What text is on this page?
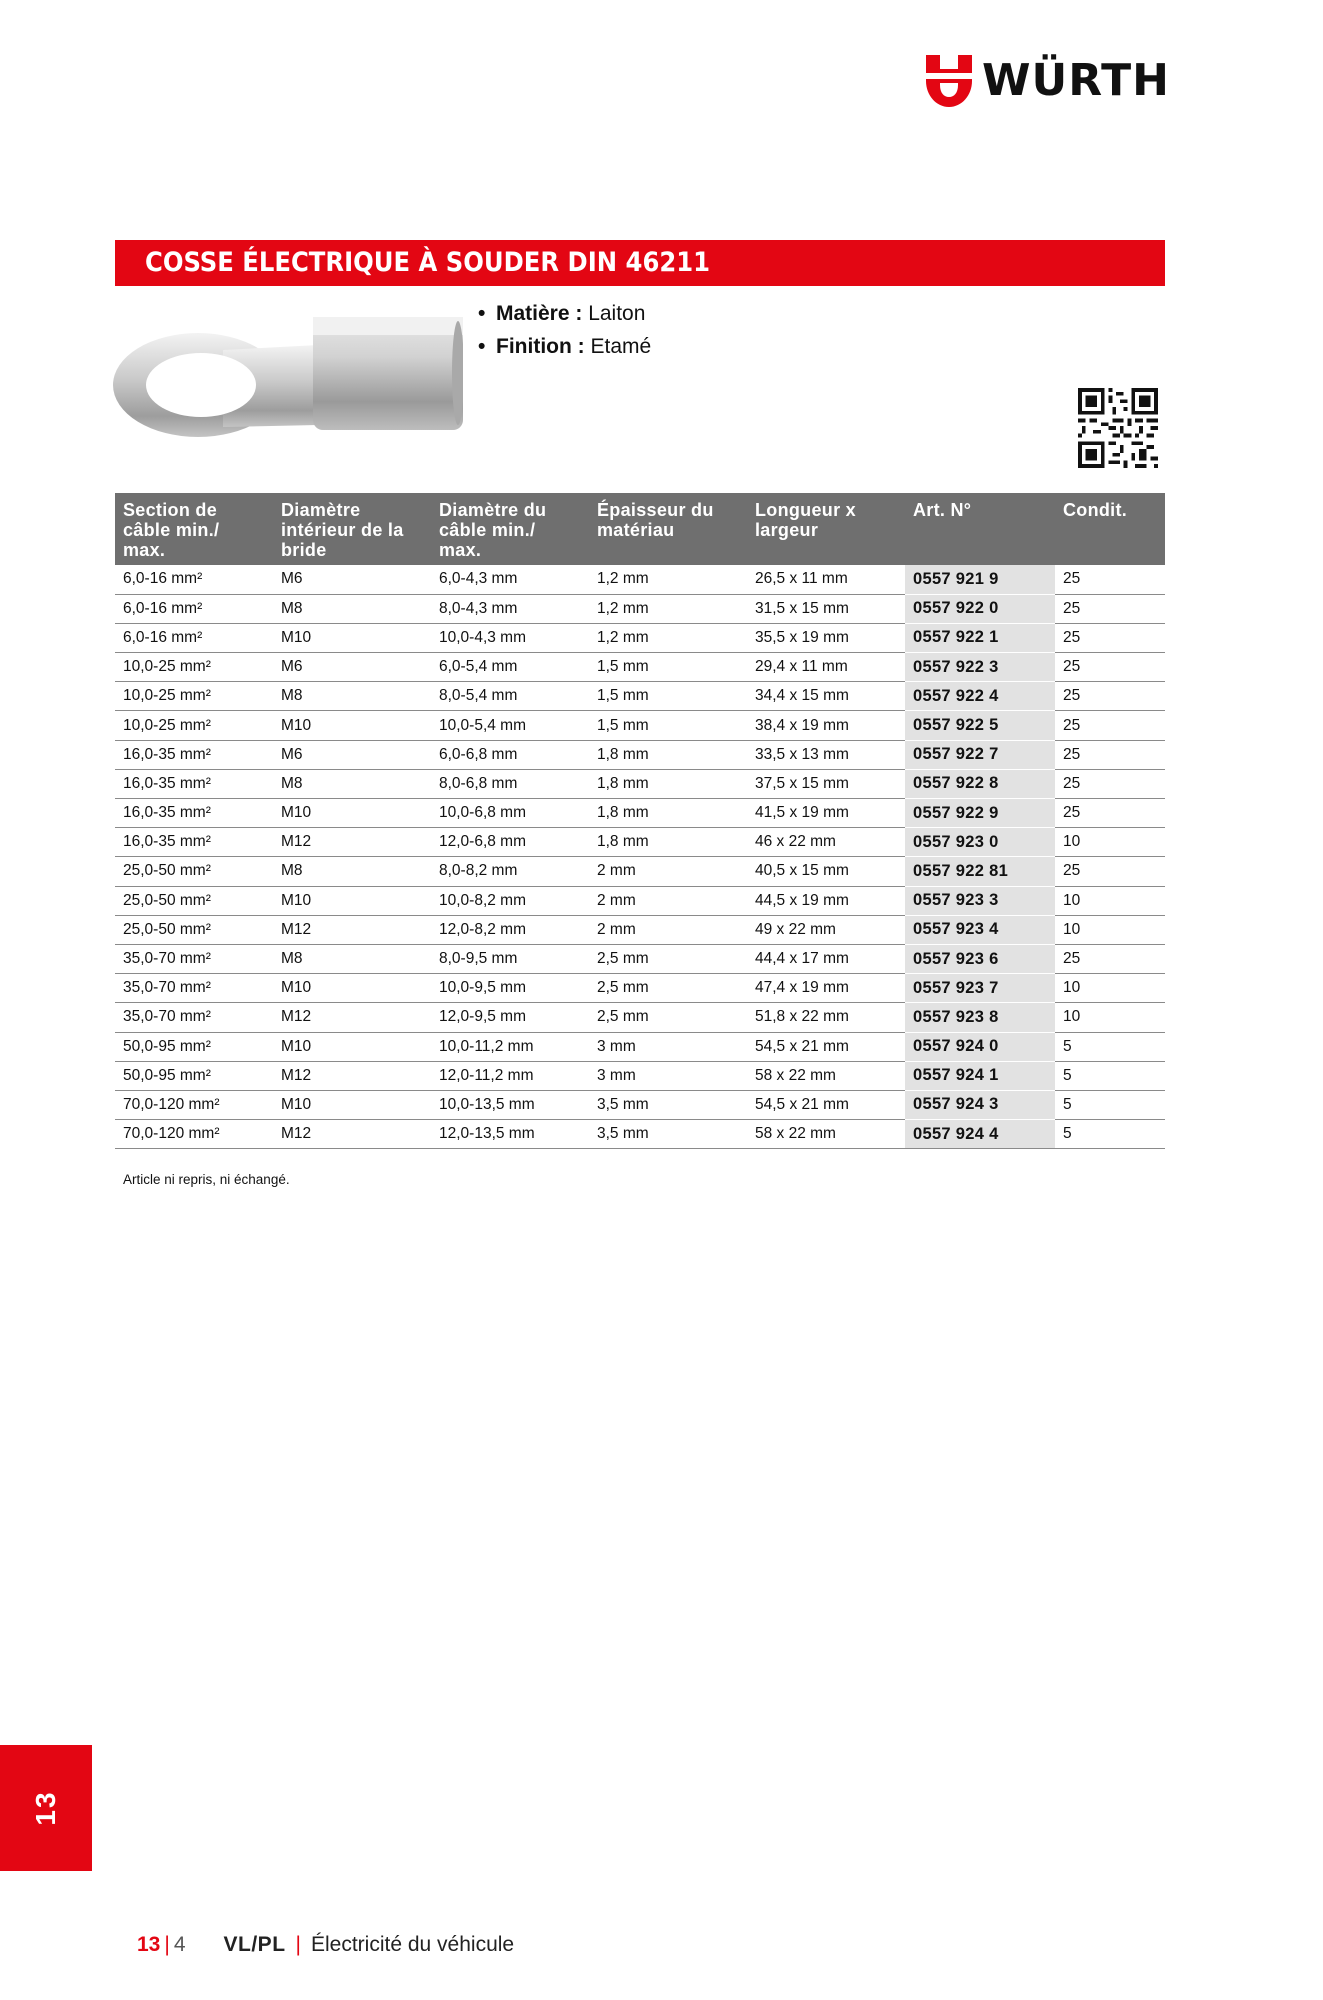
WÜRTH
COSSE ÉLECTRIQUE À SOUDER DIN 46211
• Matière : Laiton
• Finition : Etamé
Section de câble min./ max.	Diamètre intérieur de la bride	Diamètre du câble min./ max.	Épaisseur du matériau	Longueur x largeur	Art. N°	Condit.
6,0-16 mm²	M6	6,0-4,3 mm	1,2 mm	26,5 x 11 mm	0557 921 9	25
6,0-16 mm²	M8	8,0-4,3 mm	1,2 mm	31,5 x 15 mm	0557 922 0	25
6,0-16 mm²	M10	10,0-4,3 mm	1,2 mm	35,5 x 19 mm	0557 922 1	25
10,0-25 mm²	M6	6,0-5,4 mm	1,5 mm	29,4 x 11 mm	0557 922 3	25
10,0-25 mm²	M8	8,0-5,4 mm	1,5 mm	34,4 x 15 mm	0557 922 4	25
10,0-25 mm²	M10	10,0-5,4 mm	1,5 mm	38,4 x 19 mm	0557 922 5	25
16,0-35 mm²	M6	6,0-6,8 mm	1,8 mm	33,5 x 13 mm	0557 922 7	25
16,0-35 mm²	M8	8,0-6,8 mm	1,8 mm	37,5 x 15 mm	0557 922 8	25
16,0-35 mm²	M10	10,0-6,8 mm	1,8 mm	41,5 x 19 mm	0557 922 9	25
16,0-35 mm²	M12	12,0-6,8 mm	1,8 mm	46 x 22 mm	0557 923 0	10
25,0-50 mm²	M8	8,0-8,2 mm	2 mm	40,5 x 15 mm	0557 922 81	25
25,0-50 mm²	M10	10,0-8,2 mm	2 mm	44,5 x 19 mm	0557 923 3	10
25,0-50 mm²	M12	12,0-8,2 mm	2 mm	49 x 22 mm	0557 923 4	10
35,0-70 mm²	M8	8,0-9,5 mm	2,5 mm	44,4 x 17 mm	0557 923 6	25
35,0-70 mm²	M10	10,0-9,5 mm	2,5 mm	47,4 x 19 mm	0557 923 7	10
35,0-70 mm²	M12	12,0-9,5 mm	2,5 mm	51,8 x 22 mm	0557 923 8	10
50,0-95 mm²	M10	10,0-11,2 mm	3 mm	54,5 x 21 mm	0557 924 0	5
50,0-95 mm²	M12	12,0-11,2 mm	3 mm	58 x 22 mm	0557 924 1	5
70,0-120 mm²	M10	10,0-13,5 mm	3,5 mm	54,5 x 21 mm	0557 924 3	5
70,0-120 mm²	M12	12,0-13,5 mm	3,5 mm	58 x 22 mm	0557 924 4	5
Article ni repris, ni échangé.
13
13 | 4 VL/PL | Électricité du véhicule
